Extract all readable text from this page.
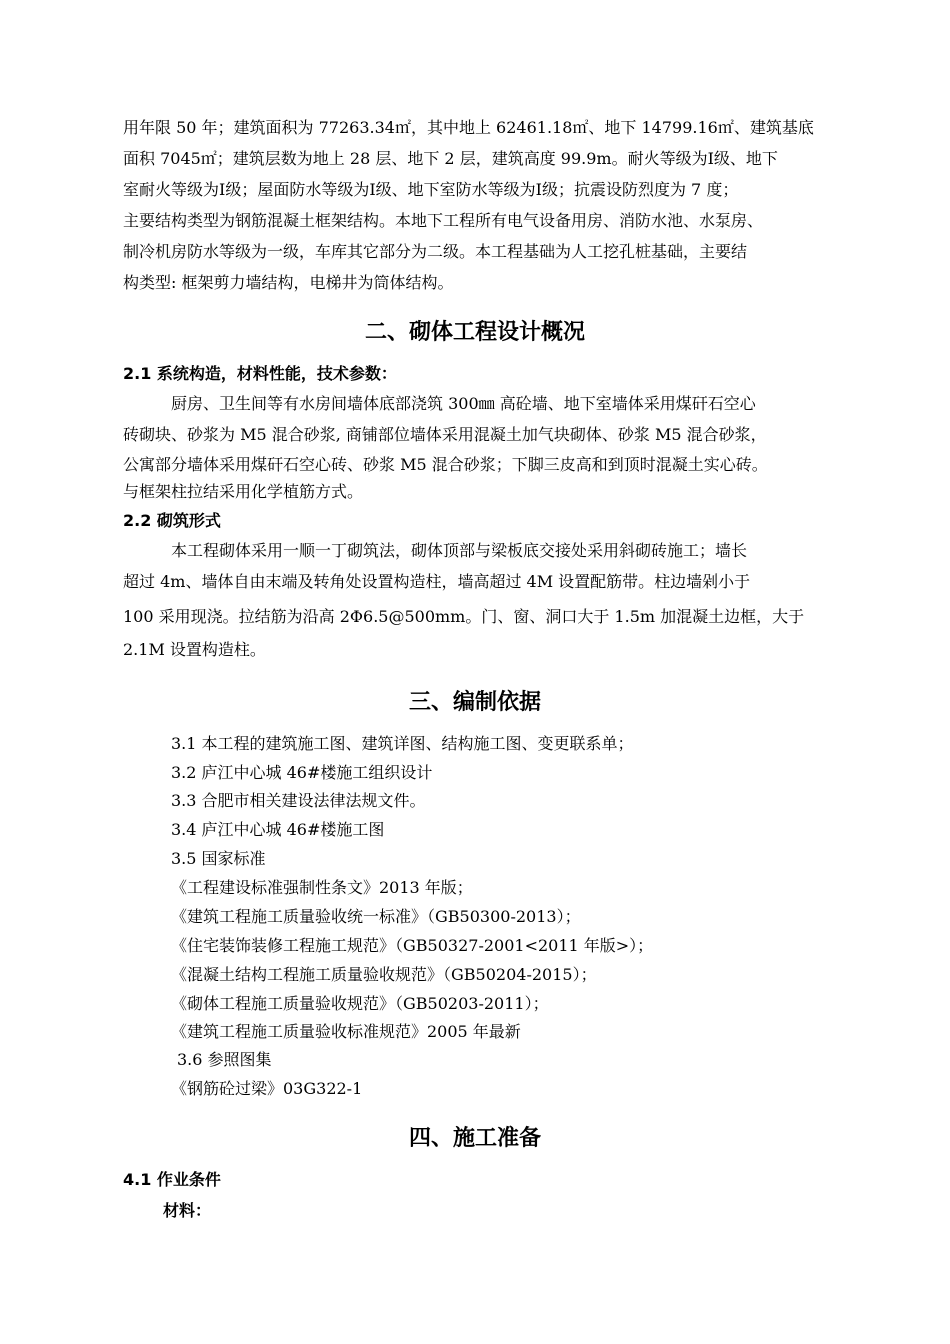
用年限 50 年；建筑面积为 77263.34㎡，其中地上 62461.18㎡、地下 14799.16㎡、建筑基底
面积 7045㎡；建筑层数为地上 28 层、地下 2 层，建筑高度 99.9m。耐火等级为Ⅰ级、地下
室耐火等级为Ⅰ级；屋面防水等级为Ⅰ级、地下室防水等级为Ⅰ级；抗震设防烈度为 7 度；
主要结构类型为钢筋混凝土框架结构。本地下工程所有电气设备用房、消防水池、水泵房、
制冷机房防水等级为一级，车库其它部分为二级。本工程基础为人工挖孔桩基础，主要结
构类型: 框架剪力墙结构，电梯井为筒体结构。
二、砌体工程设计概况
2.1 系统构造，材料性能，技术参数：
厨房、卫生间等有水房间墙体底部浇筑 300㎜ 高砼墙、地下室墙体采用煤矸石空心
砖砌块、砂浆为 M5 混合砂浆, 商铺部位墙体采用混凝土加气块砌体、砂浆 M5 混合砂浆，
公寓部分墙体采用煤矸石空心砖、砂浆 M5 混合砂浆；下脚三皮高和到顶时混凝土实心砖。
与框架柱拉结采用化学植筋方式。
2.2 砌筑形式
本工程砌体采用一顺一丁砌筑法，砌体顶部与梁板底交接处采用斜砌砖施工；墙长
超过 4m、墙体自由末端及转角处设置构造柱，墙高超过 4M 设置配筋带。柱边墙剁小于
100 采用现浇。拉结筋为沿高 2Φ6.5@500mm。门、窗、洞口大于 1.5m 加混凝土边框，大于
2.1M 设置构造柱。
三、编制依据
3.1 本工程的建筑施工图、建筑详图、结构施工图、变更联系单；
3.2 庐江中心城 46#楼施工组织设计
3.3 合肥市相关建设法律法规文件。
3.4 庐江中心城 46#楼施工图
3.5 国家标准
《工程建设标准强制性条文》2013 年版；
《建筑工程施工质量验收统一标准》（GB50300-2013）；
《住宅装饰装修工程施工规范》（GB50327-2001<2011 年版>）；
《混凝土结构工程施工质量验收规范》（GB50204-2015）；
《砌体工程施工质量验收规范》（GB50203-2011）；
《建筑工程施工质量验收标准规范》2005 年最新
3.6 参照图集
《钢筋砼过梁》03G322-1
四、施工准备
4.1 作业条件
材料：
